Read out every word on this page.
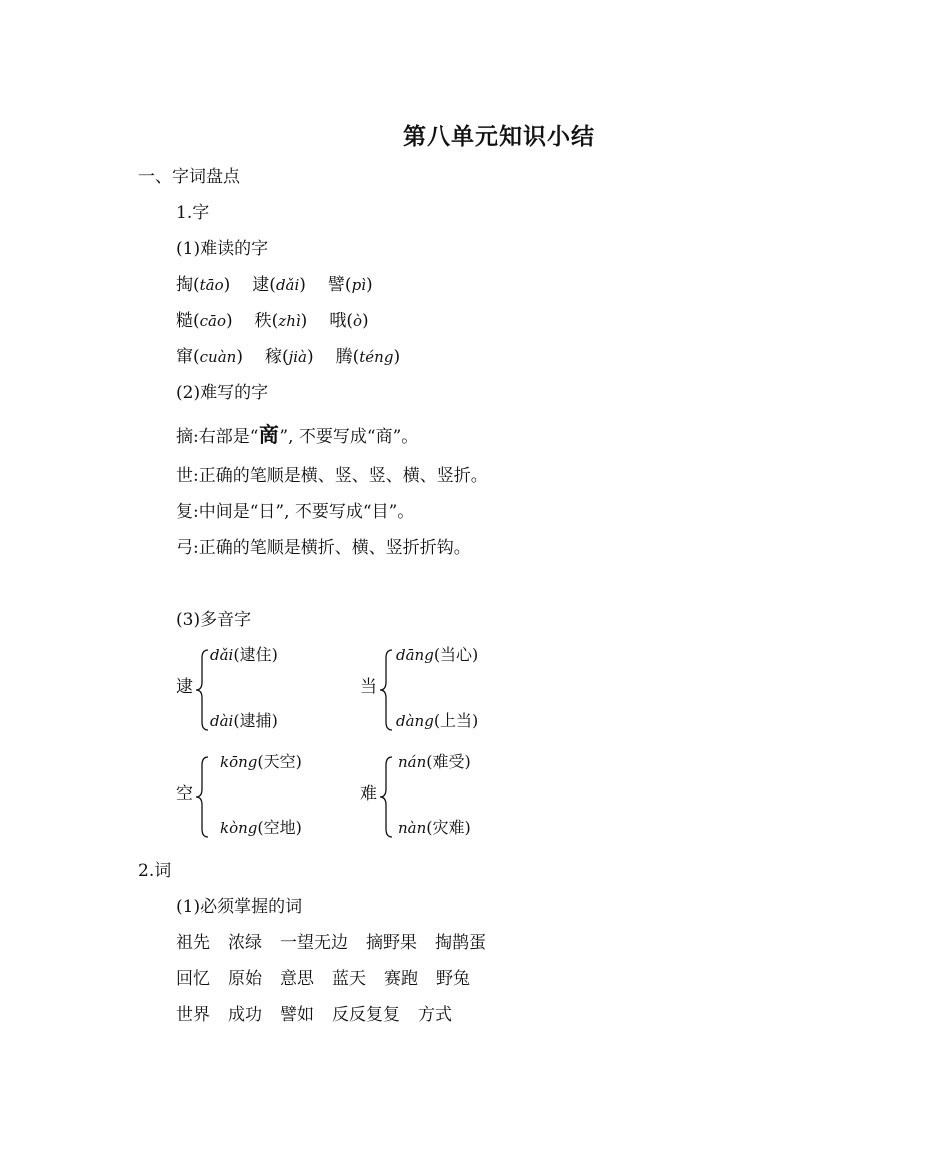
第八单元知识小结
一、字词盘点
1.字
(1)难读的字
掏(tāo) 逮(dǎi) 譬(pì)
糙(cāo) 秩(zhì) 哦(ò)
窜(cuàn) 稼(jià) 腾(téng)
(2)难写的字
摘:右部是“啇”, 不要写成“商”。
世:正确的笔顺是横、竖、竖、横、竖折。
复:中间是“日”, 不要写成“目”。
弓:正确的笔顺是横折、横、竖折折钩。
(3)多音字
逮
dǎi(逮住)
dài(逮捕)
当
dāng(当心)
dàng(上当)
空
kōng(天空)
kòng(空地)
难
nán(难受)
nàn(灾难)
2.词
(1)必须掌握的词
祖先 浓绿 一望无边 摘野果 掏鹊蛋
回忆 原始 意思 蓝天 赛跑 野兔
世界 成功 譬如 反反复复 方式
